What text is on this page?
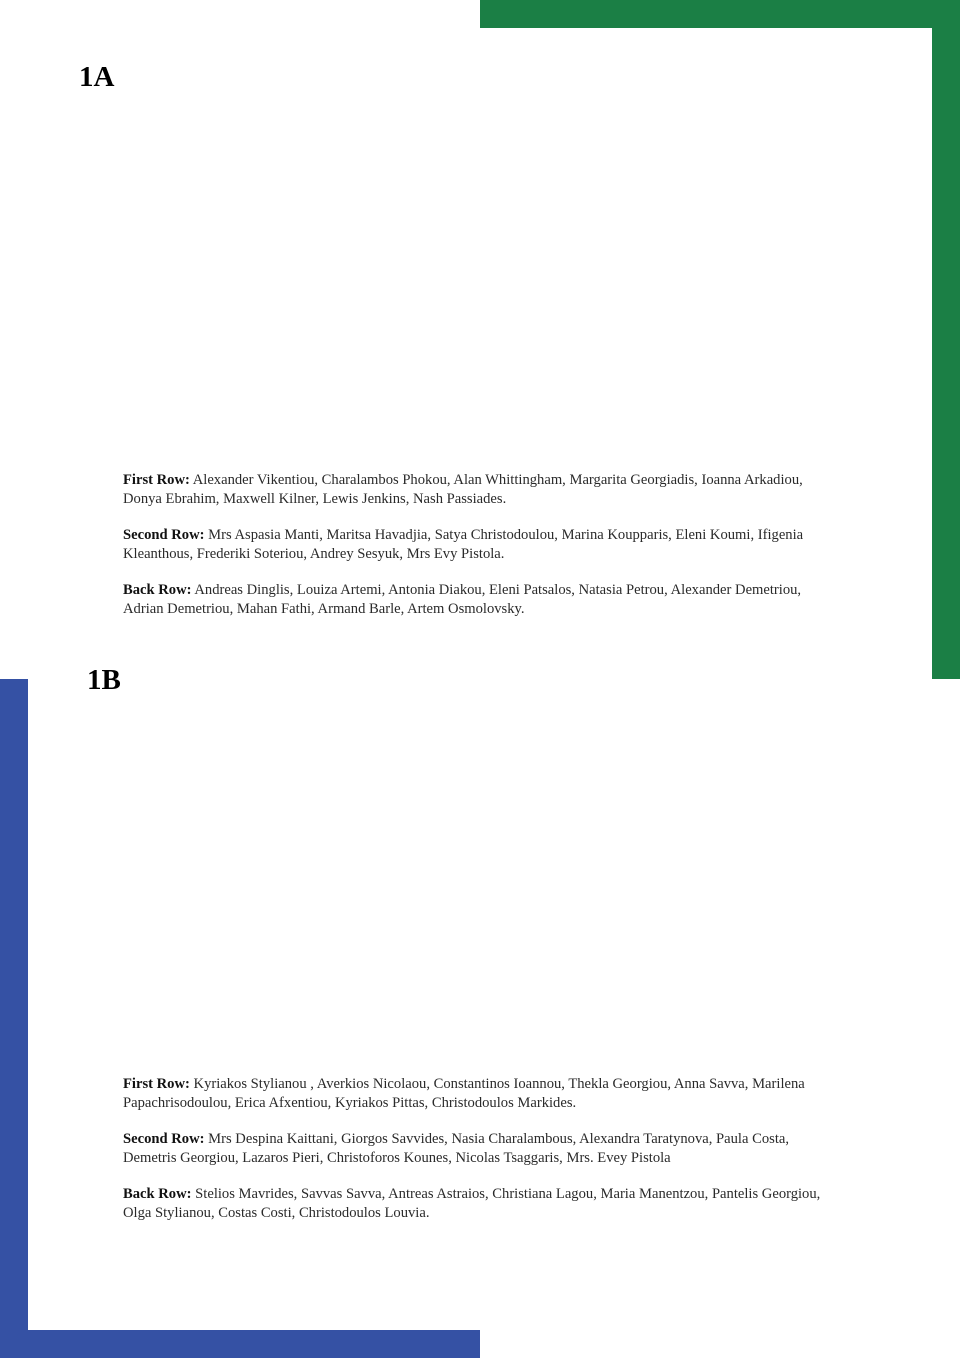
1A

First Row: Alexander Vikentiou, Charalambos Phokou, Alan Whittingham, Margarita Georgiadis, Ioanna Arkadiou, Donya Ebrahim, Maxwell Kilner, Lewis Jenkins, Nash Passiades.

Second Row: Mrs Aspasia Manti, Maritsa Havadjia, Satya Christodoulou, Marina Koupparis, Eleni Koumi, Ifigenia Kleanthous, Frederiki Soteriou, Andrey Sesyuk, Mrs Evy Pistola.

Back Row: Andreas Dinglis, Louiza Artemi, Antonia Diakou, Eleni Patsalos, Natasia Petrou, Alexander Demetriou, Adrian Demetriou, Mahan Fathi, Armand Barle, Artem Osmolovsky.

1B

First Row: Kyriakos Stylianou , Averkios Nicolaou, Constantinos Ioannou, Thekla Georgiou, Anna Savva, Marilena Papachrisodoulou, Erica Afxentiou, Kyriakos Pittas, Christodoulos Markides.

Second Row: Mrs Despina Kaittani, Giorgos Savvides, Nasia Charalambous, Alexandra Taratynova, Paula Costa, Demetris Georgiou, Lazaros Pieri, Christoforos Kounes, Nicolas Tsaggaris, Mrs. Evey Pistola

Back Row: Stelios Mavrides, Savvas Savva, Antreas Astraios, Christiana Lagou, Maria Manentzou, Pantelis Georgiou, Olga Stylianou, Costas Costi, Christodoulos Louvia.
